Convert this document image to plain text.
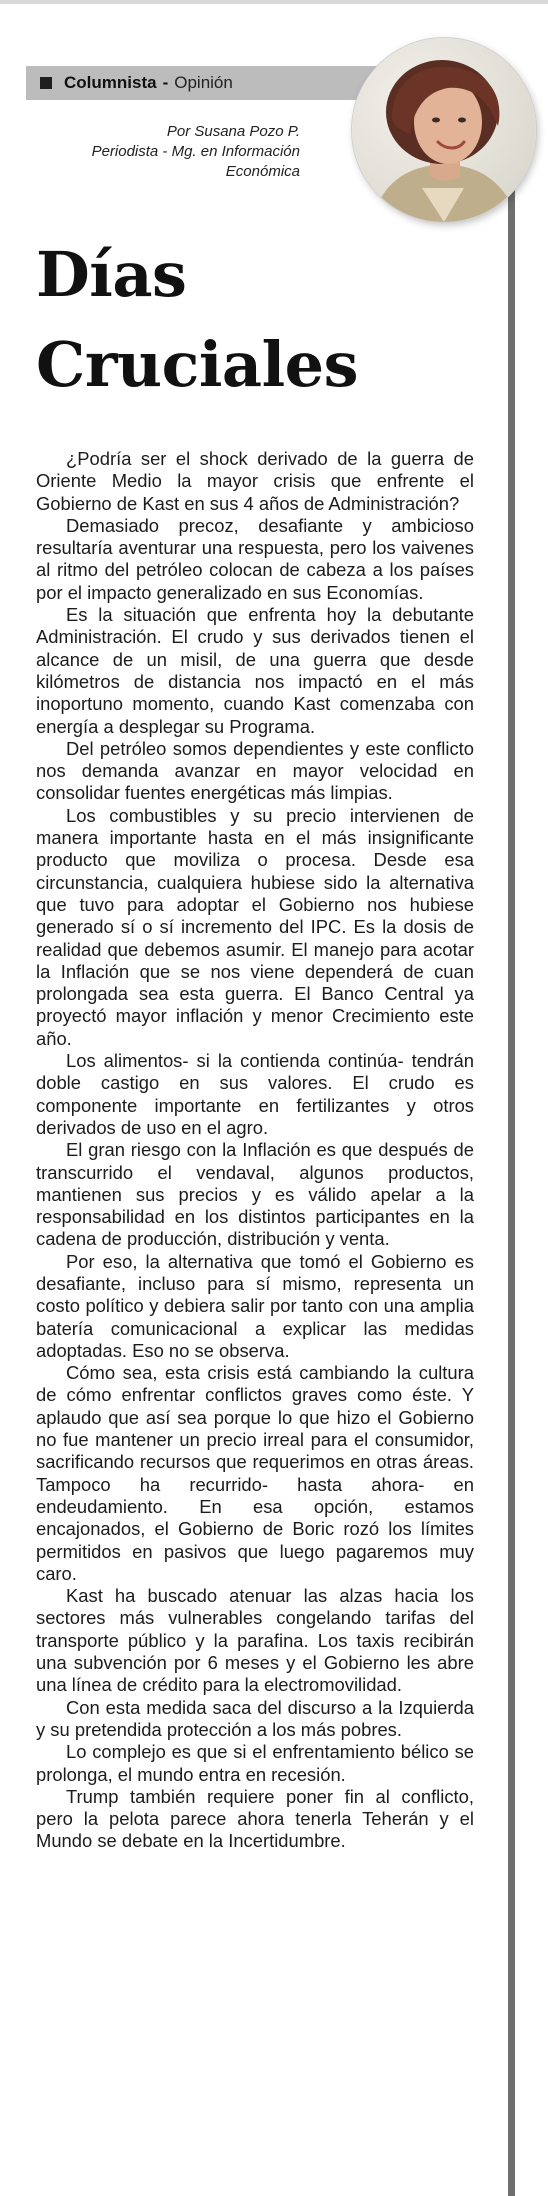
Columnista - Opinión
Por Susana Pozo P.
Periodista - Mg. en Información
Económica
Días
Cruciales

¿Podría ser el shock derivado de la guerra de Oriente Medio la mayor crisis que enfrente el Gobierno de Kast en sus 4 años de Administración?

Demasiado precoz, desafiante y ambicioso resultaría aventurar una respuesta, pero los vaivenes al ritmo del petróleo colocan de cabeza a los países por el impacto generalizado en sus Economías.

Es la situación que enfrenta hoy la debutante Administración. El crudo y sus derivados tienen el alcance de un misil, de una guerra que desde kilómetros de distancia nos impactó en el más inoportuno momento, cuando Kast comenzaba con energía a desplegar su Programa.

Del petróleo somos dependientes y este conflicto nos demanda avanzar en mayor velocidad en consolidar fuentes energéticas más limpias.

Los combustibles y su precio intervienen de manera importante hasta en el más insignificante producto que moviliza o procesa. Desde esa circunstancia, cualquiera hubiese sido la alternativa que tuvo para adoptar el Gobierno nos hubiese generado sí o sí incremento del IPC. Es la dosis de realidad que debemos asumir. El manejo para acotar la Inflación que se nos viene dependerá de cuan prolongada sea esta guerra. El Banco Central ya proyectó mayor inflación y menor Crecimiento este año.

Los alimentos- si la contienda continúa- tendrán doble castigo en sus valores. El crudo es componente importante en fertilizantes y otros derivados de uso en el agro.

El gran riesgo con la Inflación es que después de transcurrido el vendaval, algunos productos, mantienen sus precios y es válido apelar a la responsabilidad en los distintos participantes en la cadena de producción, distribución y venta.

Por eso, la alternativa que tomó el Gobierno es desafiante, incluso para sí mismo, representa un costo político y debiera salir por tanto con una amplia batería comunicacional a explicar las medidas adoptadas. Eso no se observa.

Cómo sea, esta crisis está cambiando la cultura de cómo enfrentar conflictos graves como éste. Y aplaudo que así sea porque lo que hizo el Gobierno no fue mantener un precio irreal para el consumidor, sacrificando recursos que requerimos en otras áreas. Tampoco ha recurrido- hasta ahora- en endeudamiento. En esa opción, estamos encajonados, el Gobierno de Boric rozó los límites permitidos en pasivos que luego pagaremos muy caro.

Kast ha buscado atenuar las alzas hacia los sectores más vulnerables congelando tarifas del transporte público y la parafina. Los taxis recibirán una subvención por 6 meses y el Gobierno les abre una línea de crédito para la electromovilidad.

Con esta medida saca del discurso a la Izquierda y su pretendida protección a los más pobres.

Lo complejo es que si el enfrentamiento bélico se prolonga, el mundo entra en recesión.

Trump también requiere poner fin al conflicto, pero la pelota parece ahora tenerla Teherán y el Mundo se debate en la Incertidumbre.
